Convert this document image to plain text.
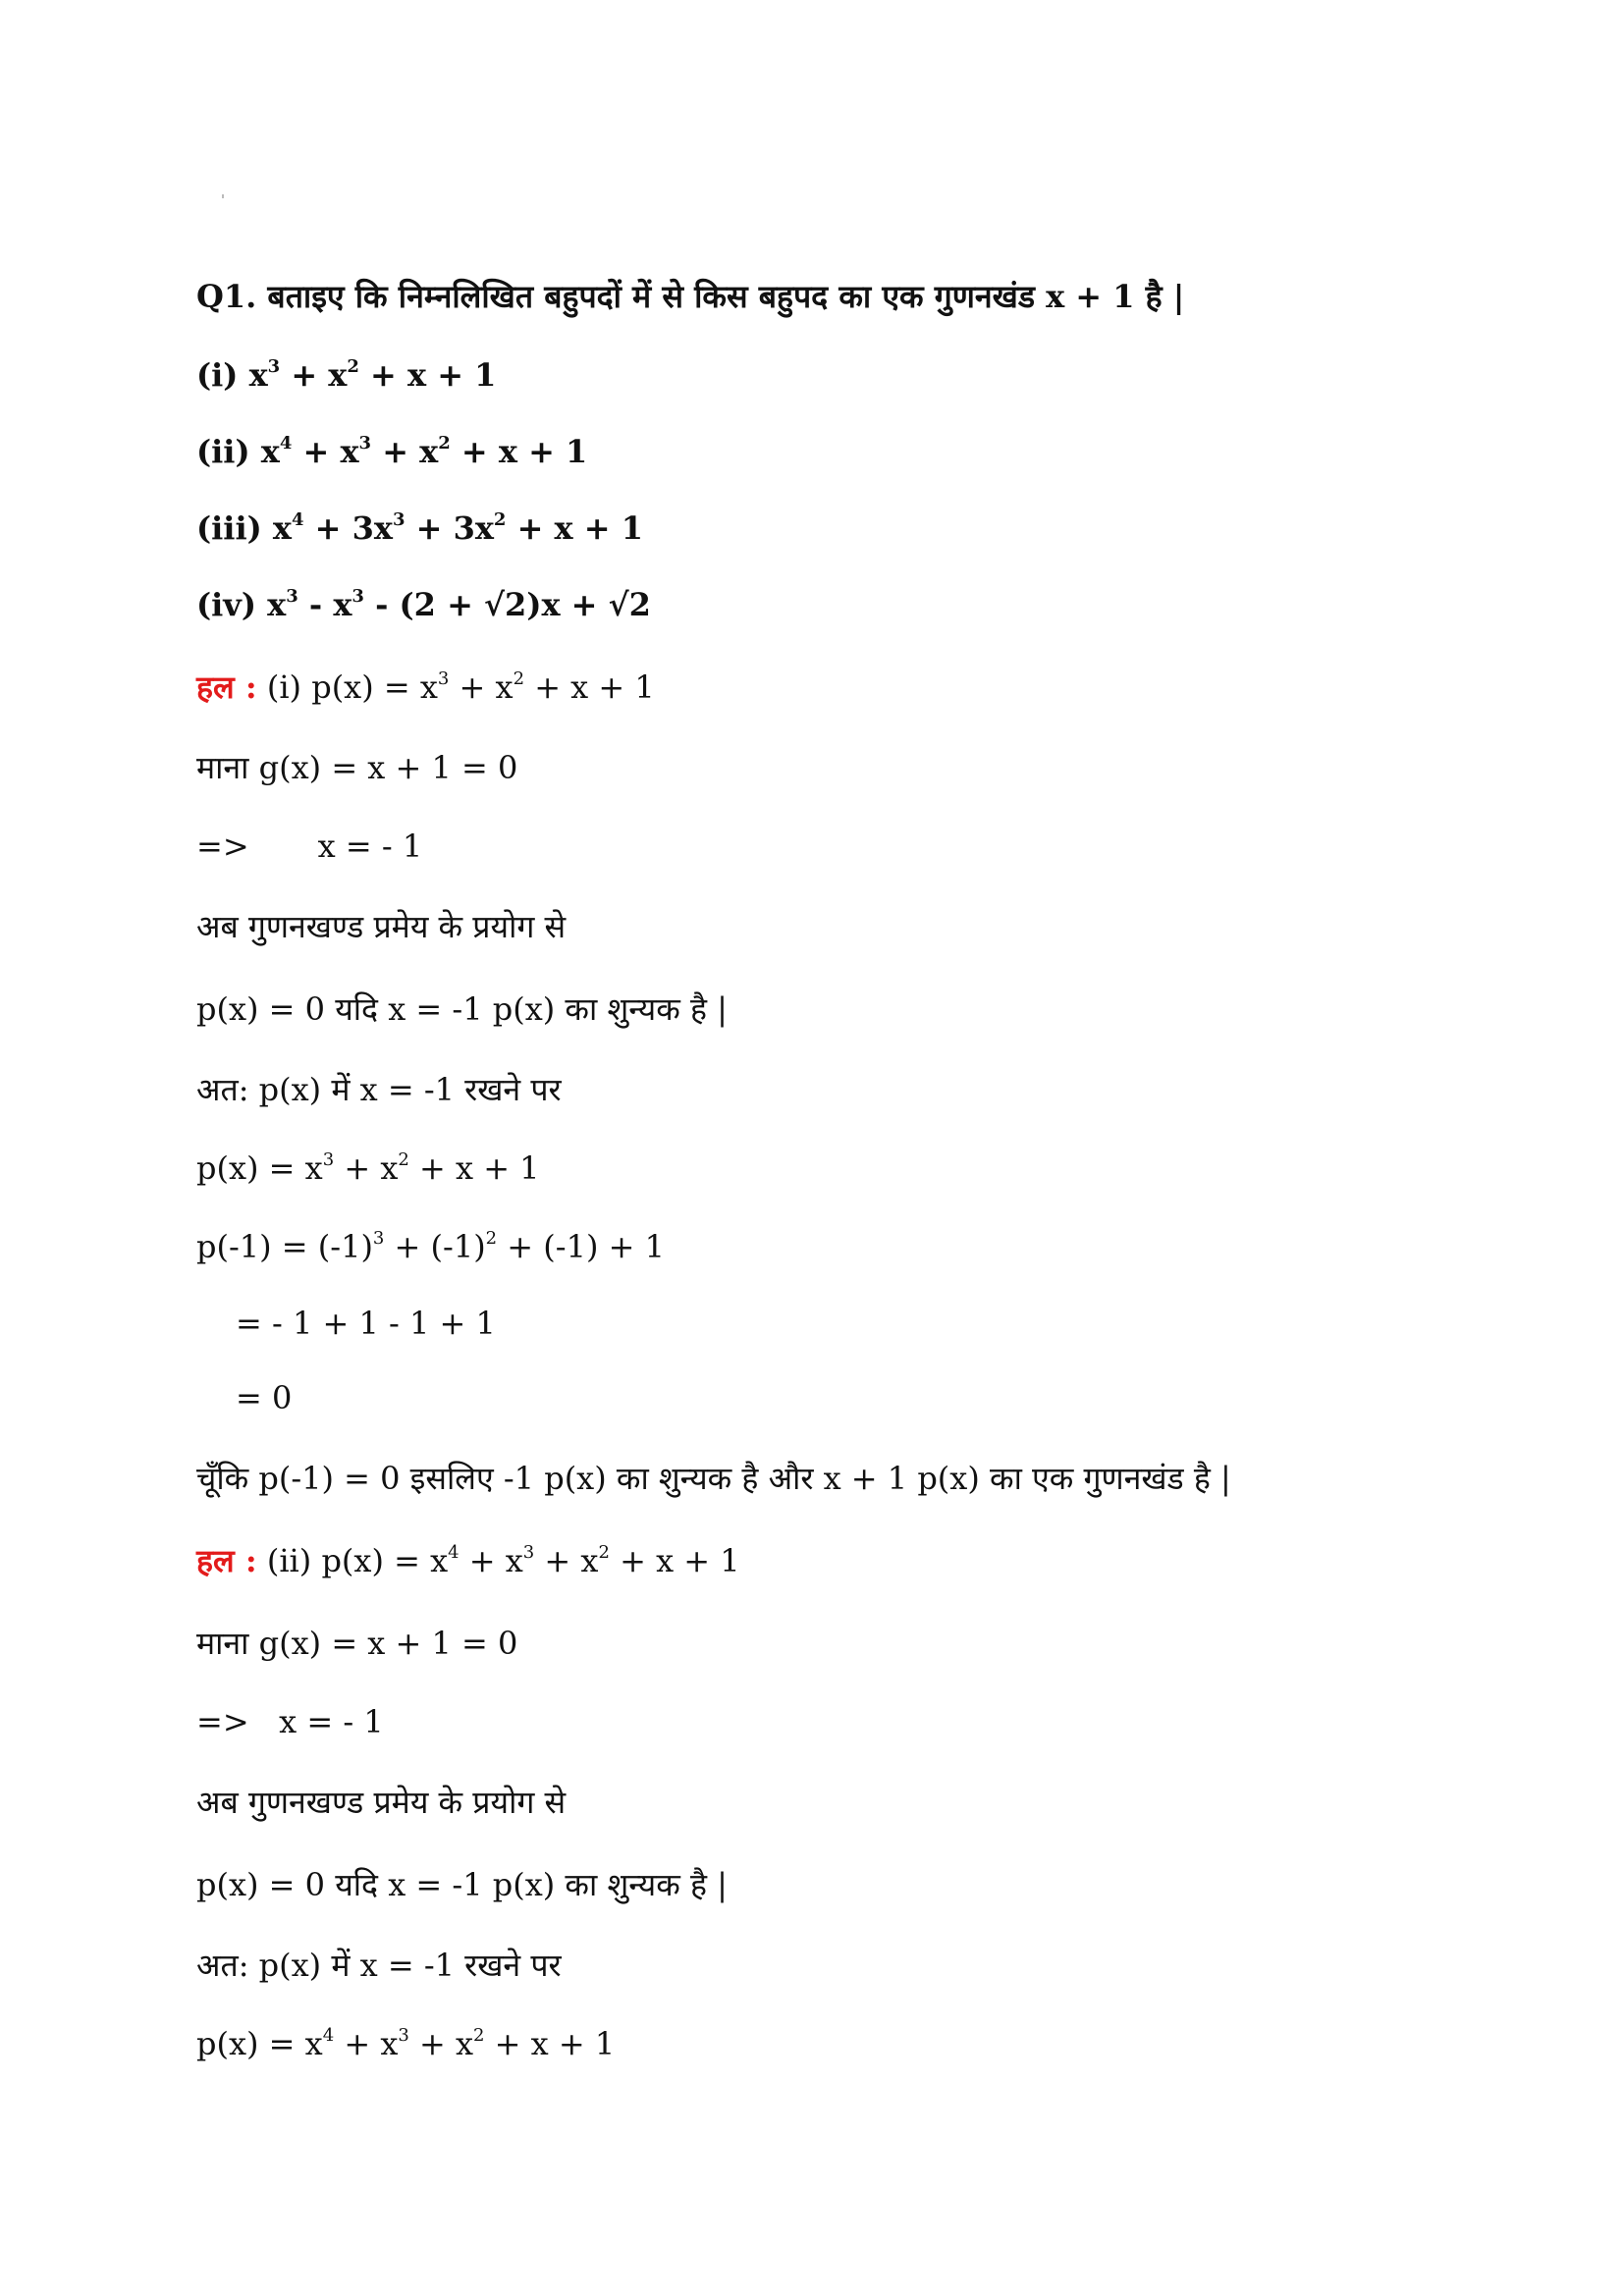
Q1. बताइए कि निम्नलिखित बहुपदों में से किस बहुपद का एक गुणनखंड x + 1 है |
(i) $x^3 + x^2 + x + 1$
(ii) $x^4 + x^3 + x^2 + x + 1$
(iii) $x^4 + 3x^3 + 3x^2 + x + 1$
(iv) $x^3 - x^3 - (2 + √2)x + √2$
हल : (i) $p(x) = x^3 + x^2 + x + 1$
माना g(x) = x + 1 = 0
=> x = - 1
अब गुणनखण्ड प्रमेय के प्रयोग से
p(x) = 0 यदि x = -1 p(x) का शुन्यक है |
अत: p(x) में x = -1 रखने पर
$p(x) = x^3 + x^2 + x + 1$
$p(-1) = (-1)^3 + (-1)^2 + (-1) + 1$
= - 1 + 1 - 1 + 1
= 0
चूँकि p(-1) = 0 इसलिए -1 p(x) का शुन्यक है और x + 1 p(x) का एक गुणनखंड है |
हल : (ii) $p(x) = x^4 + x^3 + x^2 + x + 1$
माना g(x) = x + 1 = 0
=> x = - 1
अब गुणनखण्ड प्रमेय के प्रयोग से
p(x) = 0 यदि x = -1 p(x) का शुन्यक है |
अत: p(x) में x = -1 रखने पर
$p(x) = x^4 + x^3 + x^2 + x + 1$
